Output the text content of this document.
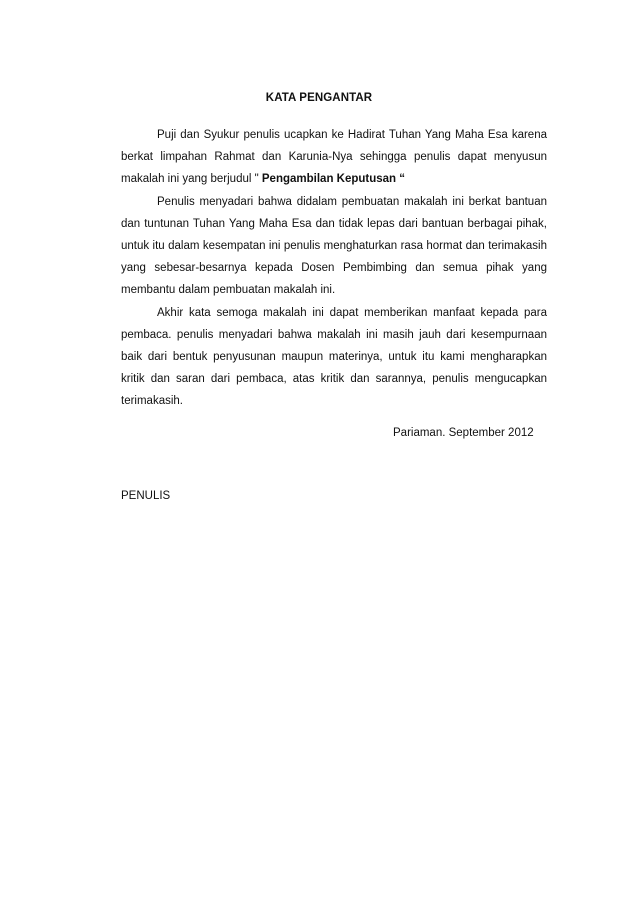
KATA PENGANTAR

Puji dan Syukur penulis ucapkan ke Hadirat Tuhan Yang Maha Esa karena berkat limpahan Rahmat dan Karunia-Nya sehingga penulis dapat menyusun makalah ini yang berjudul " Pengambilan Keputusan “

Penulis menyadari bahwa didalam pembuatan makalah ini berkat bantuan dan tuntunan Tuhan Yang Maha Esa dan tidak lepas dari bantuan berbagai pihak, untuk itu dalam kesempatan ini penulis menghaturkan rasa hormat dan terimakasih yang sebesar-besarnya kepada Dosen Pembimbing dan semua pihak yang membantu dalam pembuatan makalah ini.

Akhir kata semoga makalah ini dapat memberikan manfaat kepada para pembaca. penulis menyadari bahwa makalah ini masih jauh dari kesempurnaan baik dari bentuk penyusunan maupun materinya, untuk itu kami mengharapkan kritik dan saran dari pembaca, atas kritik dan sarannya, penulis mengucapkan terimakasih.

Pariaman. September 2012
PENULIS
